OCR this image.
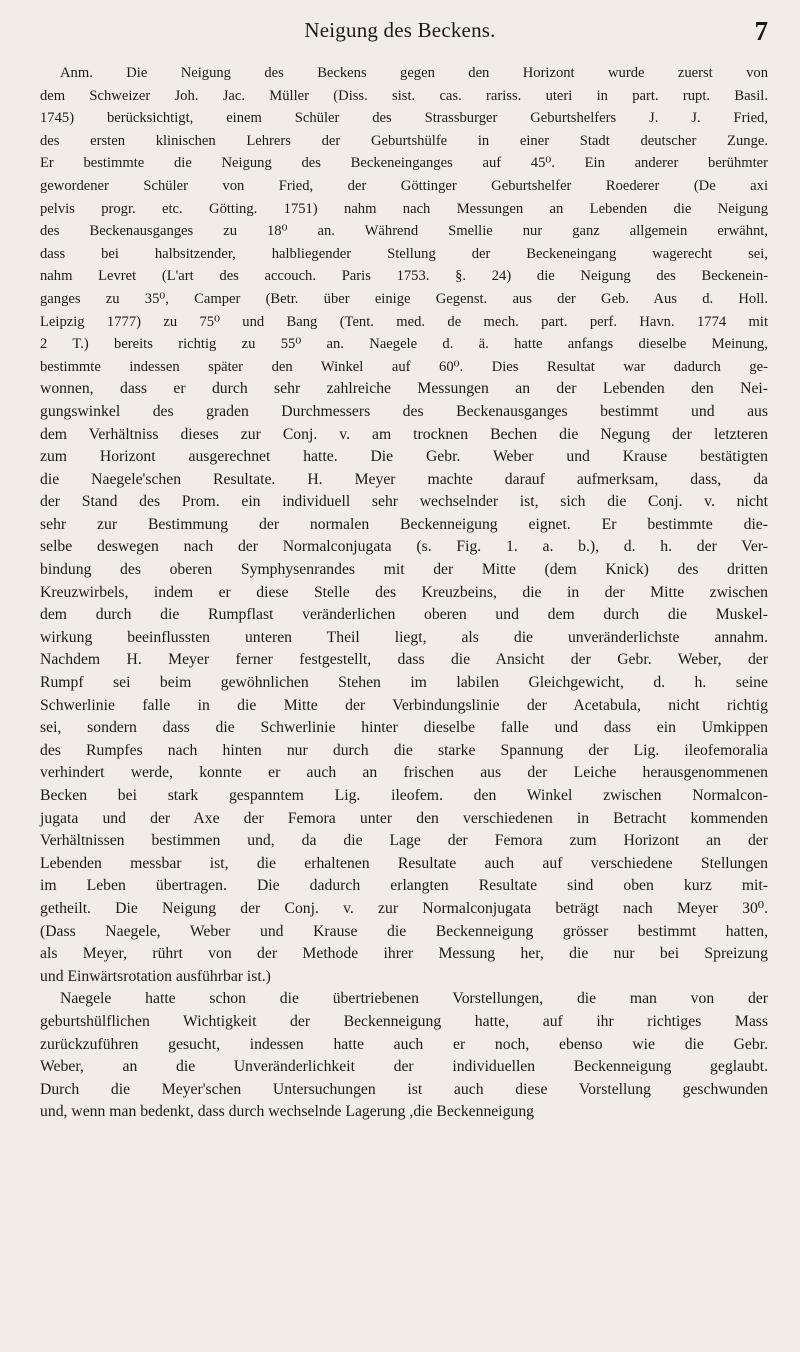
Neigung des Beckens.	7
Anm. Die Neigung des Beckens gegen den Horizont wurde zuerst von
dem Schweizer Joh. Jac. Müller (Diss. sist. cas. rariss. uteri in part. rupt. Basil.
1745) berücksichtigt, einem Schüler des Strassburger Geburtshelfers J. J. Fried,
des ersten klinischen Lehrers der Geburtshülfe in einer Stadt deutscher Zunge.
Er bestimmte die Neigung des Beckeneinganges auf 45⁰. Ein anderer berühmter
gewordener Schüler von Fried, der Göttinger Geburtshelfer Roederer (De axi
pelvis progr. etc. Götting. 1751) nahm nach Messungen an Lebenden die Neigung
des Beckenausganges zu 18⁰ an. Während Smellie nur ganz allgemein erwähnt,
dass bei halbsitzender, halbliegender Stellung der Beckeneingang wagerecht sei,
nahm Levret (L'art des accouch. Paris 1753. §. 24) die Neigung des Beckenein-
ganges zu 35⁰, Camper (Betr. über einige Gegenst. aus der Geb. Aus d. Holl.
Leipzig 1777) zu 75⁰ und Bang (Tent. med. de mech. part. perf. Havn. 1774 mit
2 T.) bereits richtig zu 55⁰ an. Naegele d. ä. hatte anfangs dieselbe Meinung,
bestimmte indessen später den Winkel auf 60⁰. Dies Resultat war dadurch ge-
wonnen, dass er durch sehr zahlreiche Messungen an der Lebenden den Nei-
gungswinkel des graden Durchmessers des Beckenausganges bestimmt und aus
dem Verhältniss dieses zur Conj. v. am trocknen Bechen die Ne̦gung der letzteren
zum Horizont ausgerechnet hatte. Die Gebr. Weber und Krause bestätigten
die Naegele'schen Resultate. H. Meyer machte darauf aufmerksam, dass, da
der Stand des Prom. ein individuell sehr wechselnder ist, sich die Conj. v. nicht
sehr zur Bestimmung der normalen Beckenneigung eignet. Er bestimmte die-
selbe deswegen nach der Normalconjugata (s. Fig. 1. a. b.), d. h. der Ver-
bindung des oberen Symphysenrandes mit der Mitte (dem Knick) des dritten
Kreuzwirbels, indem er diese Stelle des Kreuzbeins, die in der Mitte zwischen
dem durch die Rumpflast veränderlichen oberen und dem durch die Muskel-
wirkung beeinflussten unteren Theil liegt, als die unveränderlichste annahm.
Nachdem H. Meyer ferner festgestellt, dass die Ansicht der Gebr. Weber, der
Rumpf sei beim gewöhnlichen Stehen im labilen Gleichgewicht, d. h. seine
Schwerlinie falle in die Mitte der Verbindungslinie der Acetabula, nicht richtig
sei, sondern dass die Schwerlinie hinter dieselbe falle und dass ein Umkippen
des Rumpfes nach hinten nur durch die starke Spannung der Lig. ileofemoralia
verhindert werde, konnte er auch an frischen aus der Leiche herausgenommenen
Becken bei stark gespanntem Lig. ileofem. den Winkel zwischen Normalcon-
jugata und der Axe der Femora unter den verschiedenen in Betracht kommenden
Verhältnissen bestimmen und, da die Lage der Femora zum Horizont an der
Lebenden messbar ist, die erhaltenen Resultate auch auf verschiedene Stellungen
im Leben übertragen. Die dadurch erlangten Resultate sind oben kurz mit-
getheilt. Die Neigung der Conj. v. zur Normalconjugata beträgt nach Meyer 30⁰.
(Dass Naegele, Weber und Krause die Beckenneigung grösser bestimmt hatten,
als Meyer, rührt von der Methode ihrer Messung her, die nur bei Spreizung
und Einwärtsrotation ausführbar ist.)
Naegele hatte schon die übertriebenen Vorstellungen, die man von der
geburtshülflichen Wichtigkeit der Beckenneigung hatte, auf ihr richtiges Mass
zurückzuführen gesucht, indessen hatte auch er noch, ebenso wie die Gebr.
Weber, an die Unveränderlichkeit der individuellen Beckenneigung geglaubt.
Durch die Meyer'schen Untersuchungen ist auch diese Vorstellung geschwunden
und, wenn man bedenkt, dass durch wechselnde Lagerung ,die Beckenneigung
